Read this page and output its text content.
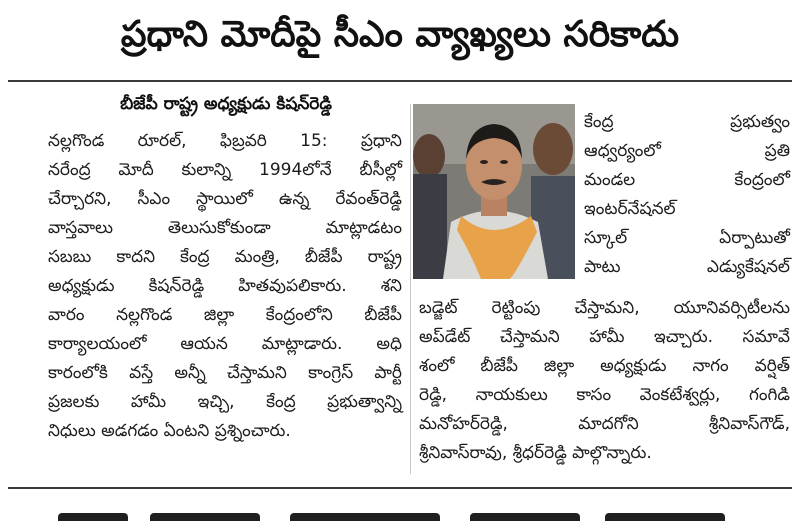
ప్రధాని మోదీపై సీఎం వ్యాఖ్యలు సరికాదు
బీజేపీ రాష్ట్ర అధ్యక్షుడు కిషన్‌రెడ్డి
నల్లగొండ రూరల్, ఫిబ్రవరి 15: ప్రధాని
నరేంద్ర మోదీ కులాన్ని 1994లోనే బీసీల్లో
చేర్చారని, సీఎం స్థాయిలో ఉన్న రేవంత్‌రెడ్డి
వాస్తవాలు తెలుసుకోకుండా మాట్లాడటం
సబబు కాదని కేంద్ర మంత్రి, బీజేపీ రాష్ట్ర
అధ్యక్షుడు కిషన్‌రెడ్డి హితవుపలికారు. శని
వారం నల్లగొండ జిల్లా కేంద్రంలోని బీజేపీ
కార్యాలయంలో ఆయన మాట్లాడారు. అధి
కారంలోకి వస్తే అన్నీ చేస్తామని కాంగ్రెస్ పార్టీ
ప్రజలకు హామీ ఇచ్చి, కేంద్ర ప్రభుత్వాన్ని
నిధులు అడగడం ఏంటని ప్రశ్నించారు.
కేంద్ర ప్రభుత్వం
ఆధ్వర్యంలో ప్రతి
మండల కేంద్రంలో
ఇంటర్‌నేషనల్
స్కూల్ ఏర్పాటుతో
పాటు ఎడ్యుకేషనల్
బడ్జెట్ రెట్టింపు చేస్తామని, యూనివర్సిటీలను
అప్‌డేట్ చేస్తామని హామీ ఇచ్చారు. సమావే
శంలో బీజేపీ జిల్లా అధ్యక్షుడు నాగం వర్షిత్
రెడ్డి, నాయకులు కాసం వెంకటేశ్వర్లు, గంగిడి
మనోహర్‌రెడ్డి, మాదగోని శ్రీనివాస్‌గౌడ్,
శ్రీనివాస్‌రావు, శ్రీధర్‌రెడ్డి పాల్గొన్నారు.
